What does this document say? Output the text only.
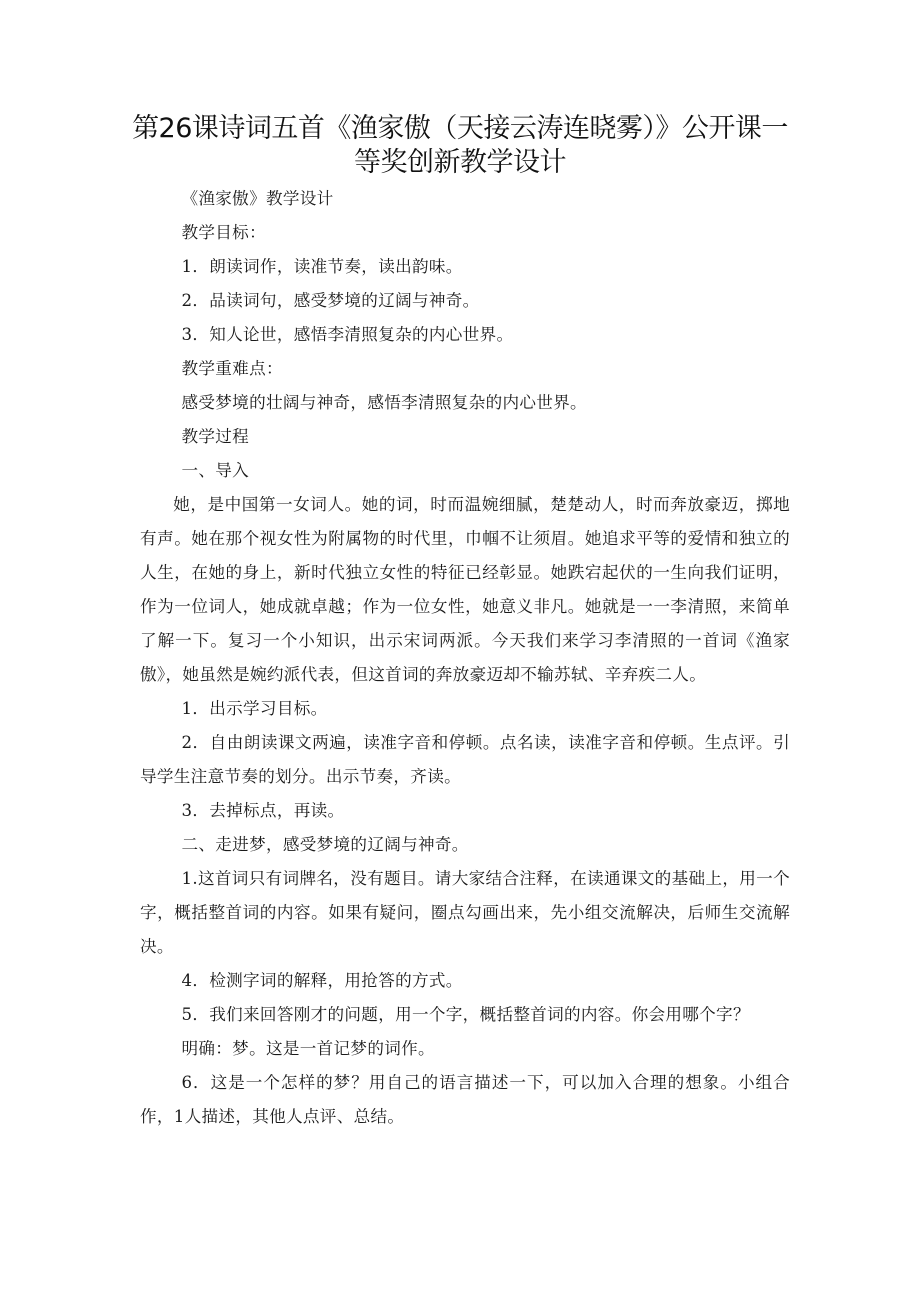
第26课诗词五首《渔家傲（天接云涛连晓雾）》公开课一等奖创新教学设计

《渔家傲》教学设计

教学目标：

1．朗读词作，读准节奏，读出韵味。

2．品读词句，感受梦境的辽阔与神奇。

3．知人论世，感悟李清照复杂的内心世界。

教学重难点：

感受梦境的壮阔与神奇，感悟李清照复杂的内心世界。

教学过程

一、导入

她，是中国第一女词人。她的词，时而温婉细腻，楚楚动人，时而奔放豪迈，掷地有声。她在那个视女性为附属物的时代里，巾帼不让须眉。她追求平等的爱情和独立的人生，在她的身上，新时代独立女性的特征已经彰显。她跌宕起伏的一生向我们证明，作为一位词人，她成就卓越；作为一位女性，她意义非凡。她就是一一李清照，来简单了解一下。复习一个小知识，出示宋词两派。今天我们来学习李清照的一首词《渔家傲》，她虽然是婉约派代表，但这首词的奔放豪迈却不输苏轼、辛弃疾二人。

1．出示学习目标。

2．自由朗读课文两遍，读准字音和停顿。点名读，读准字音和停顿。生点评。引导学生注意节奏的划分。出示节奏，齐读。

3．去掉标点，再读。

二、走进梦，感受梦境的辽阔与神奇。

1.这首词只有词牌名，没有题目。请大家结合注释，在读通课文的基础上，用一个字，概括整首词的内容。如果有疑问，圈点勾画出来，先小组交流解决，后师生交流解决。

4．检测字词的解释，用抢答的方式。

5．我们来回答刚才的问题，用一个字，概括整首词的内容。你会用哪个字？

明确：梦。这是一首记梦的词作。

6．这是一个怎样的梦？用自己的语言描述一下，可以加入合理的想象。小组合作，1人描述，其他人点评、总结。
